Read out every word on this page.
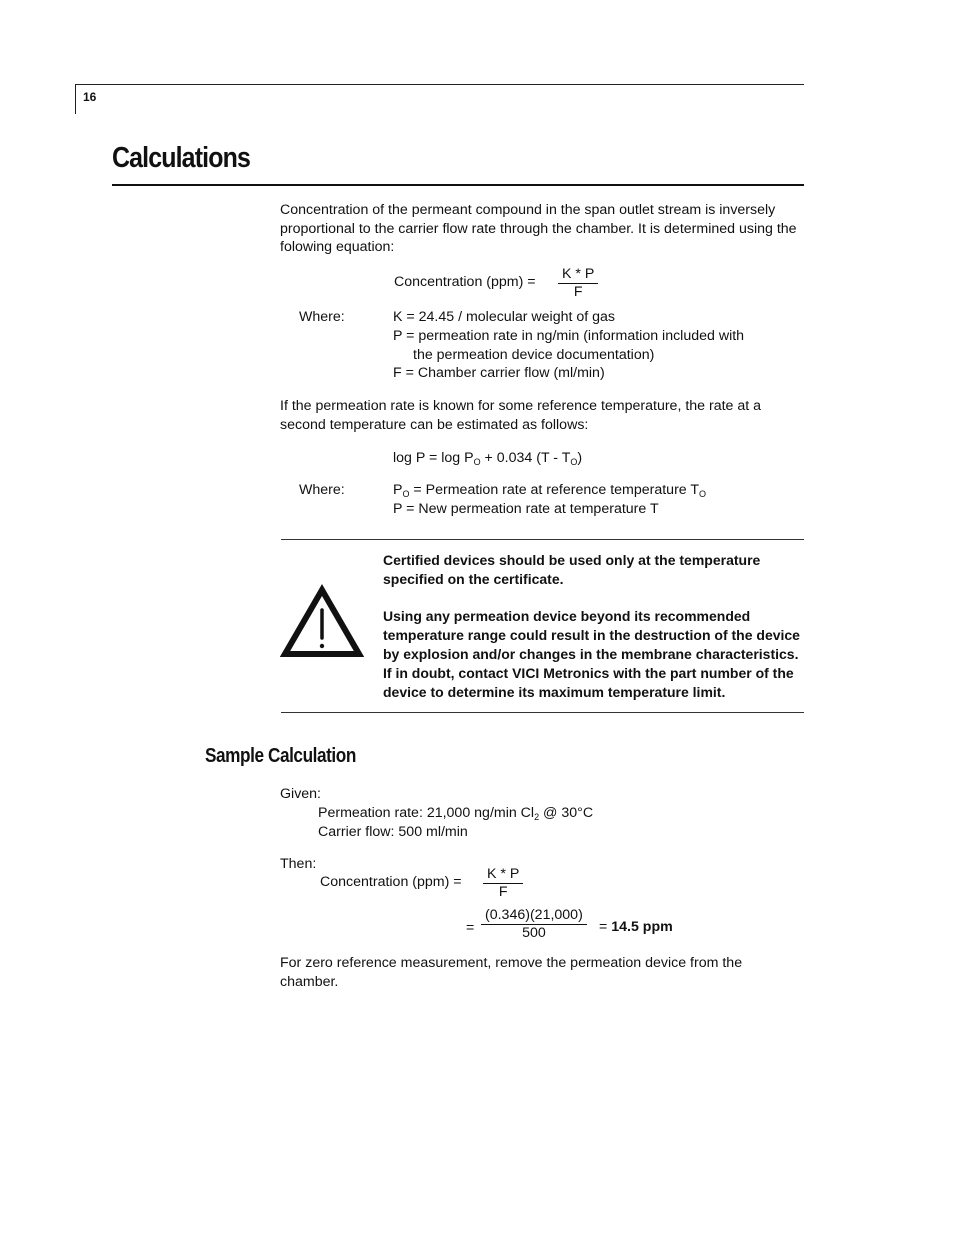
16
Calculations
Concentration of the permeant compound in the span outlet stream is inversely proportional to the carrier flow rate through the chamber. It is determined using the folowing equation:
Concentration $(ppm) = \frac{K * P}{F}$
Where:	K = 24.45 / molecular weight of gas
P = permeation rate in ng/min (information included with
the permeation device documentation)
F = Chamber carrier flow (ml/min)
If the permeation rate is known for some reference temperature, the rate at a second temperature can be estimated as follows:
$\log P = \log P_O + 0.034$ $(T - T_O)$
Where:	$P_O$ = Permeation rate at reference temperature $T_O$
P = New permeation rate at temperature T
Certified devices should be used only at the temperature specified on the certificate.
Using any permeation device beyond its recommended temperature range could result in the destruction of the device by explosion and/or changes in the membrane characteristics. If in doubt, contact VICI Metronics with the part number of the device to determine its maximum temperature limit.
Sample Calculation
Given:
Permeation rate: 21,000 ng/min $Cl_2$ @ 30°C
Carrier flow: 500 ml/min
Then:
Concentration $(ppm) = \frac{K * P}{F}$
= $\frac{(0.346)(21,000)}{500} = 14.5$ ppm
For zero reference measurement, remove the permeation device from the chamber.
